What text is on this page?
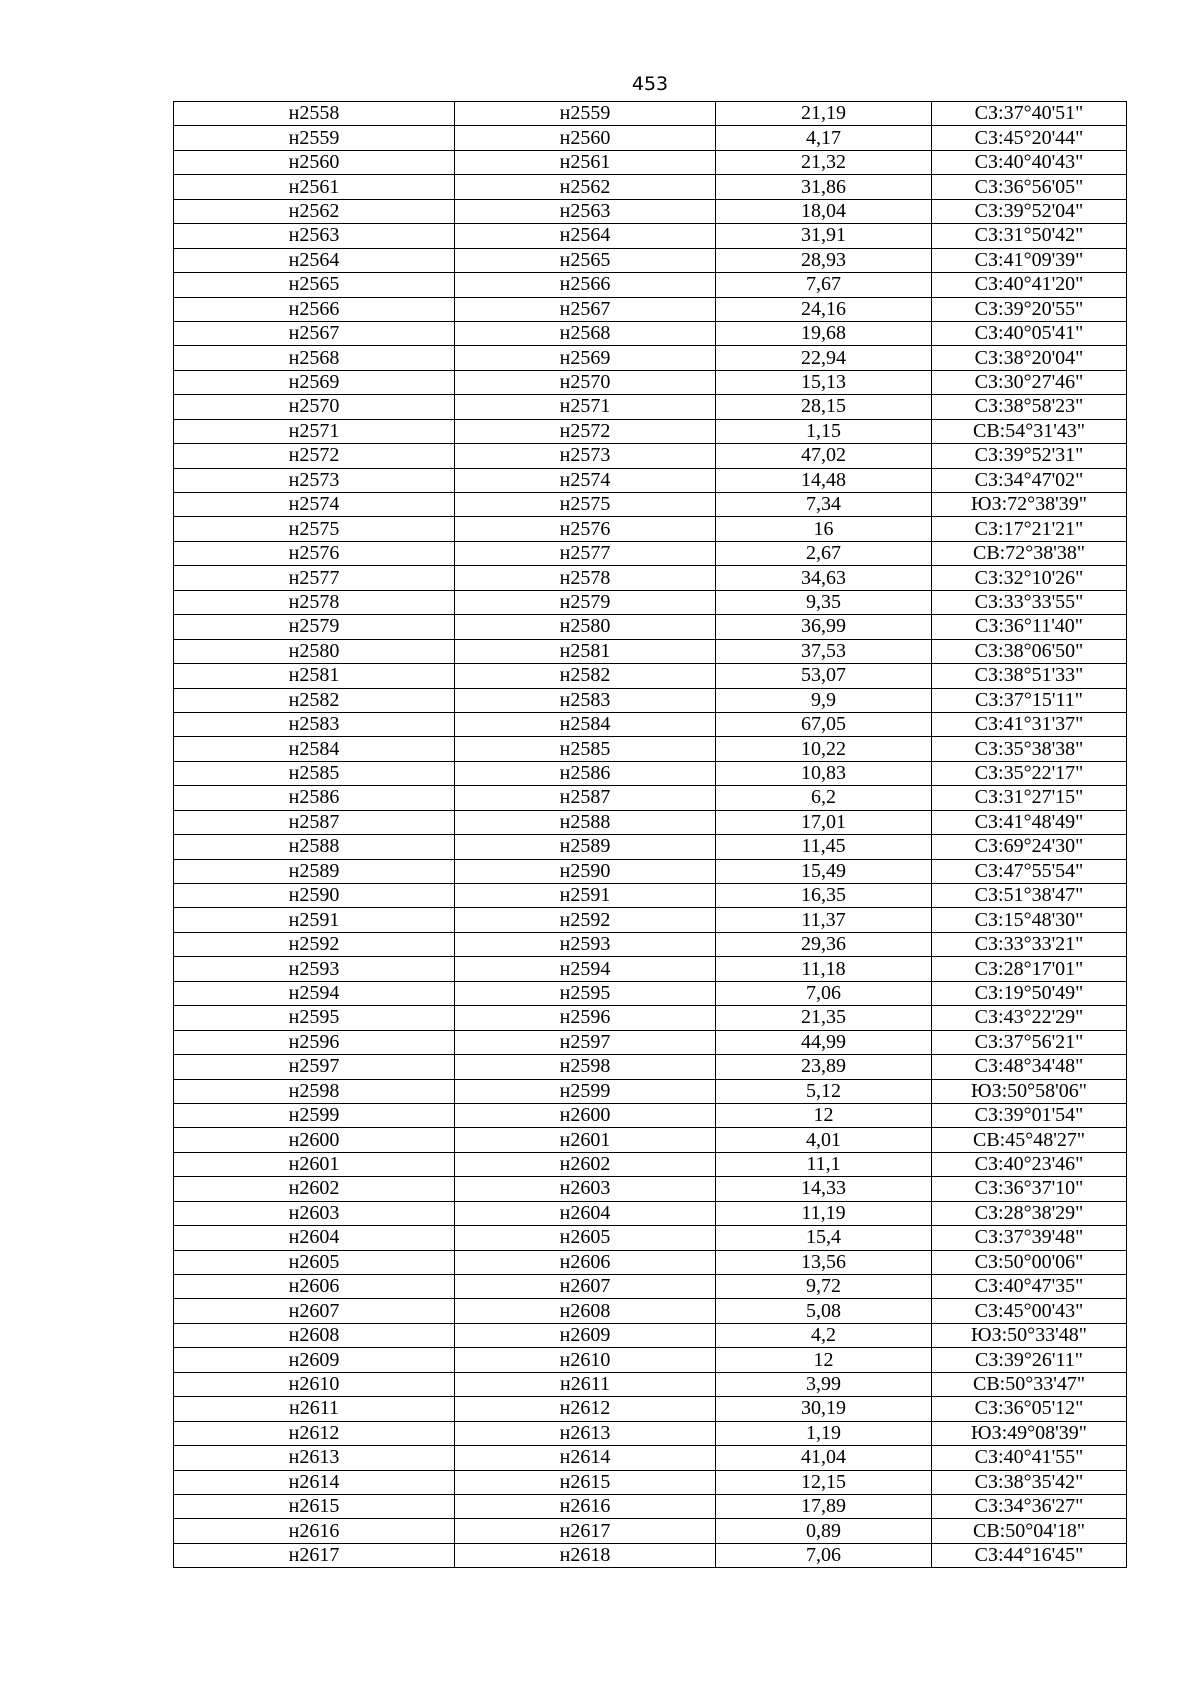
453
н2558	н2559	21,19	СЗ:37°40'51"
н2559	н2560	4,17	СЗ:45°20'44"
н2560	н2561	21,32	СЗ:40°40'43"
н2561	н2562	31,86	СЗ:36°56'05"
н2562	н2563	18,04	СЗ:39°52'04"
н2563	н2564	31,91	СЗ:31°50'42"
н2564	н2565	28,93	СЗ:41°09'39"
н2565	н2566	7,67	СЗ:40°41'20"
н2566	н2567	24,16	СЗ:39°20'55"
н2567	н2568	19,68	СЗ:40°05'41"
н2568	н2569	22,94	СЗ:38°20'04"
н2569	н2570	15,13	СЗ:30°27'46"
н2570	н2571	28,15	СЗ:38°58'23"
н2571	н2572	1,15	СВ:54°31'43"
н2572	н2573	47,02	СЗ:39°52'31"
н2573	н2574	14,48	СЗ:34°47'02"
н2574	н2575	7,34	ЮЗ:72°38'39"
н2575	н2576	16	СЗ:17°21'21"
н2576	н2577	2,67	СВ:72°38'38"
н2577	н2578	34,63	СЗ:32°10'26"
н2578	н2579	9,35	СЗ:33°33'55"
н2579	н2580	36,99	СЗ:36°11'40"
н2580	н2581	37,53	СЗ:38°06'50"
н2581	н2582	53,07	СЗ:38°51'33"
н2582	н2583	9,9	СЗ:37°15'11"
н2583	н2584	67,05	СЗ:41°31'37"
н2584	н2585	10,22	СЗ:35°38'38"
н2585	н2586	10,83	СЗ:35°22'17"
н2586	н2587	6,2	СЗ:31°27'15"
н2587	н2588	17,01	СЗ:41°48'49"
н2588	н2589	11,45	СЗ:69°24'30"
н2589	н2590	15,49	СЗ:47°55'54"
н2590	н2591	16,35	СЗ:51°38'47"
н2591	н2592	11,37	СЗ:15°48'30"
н2592	н2593	29,36	СЗ:33°33'21"
н2593	н2594	11,18	СЗ:28°17'01"
н2594	н2595	7,06	СЗ:19°50'49"
н2595	н2596	21,35	СЗ:43°22'29"
н2596	н2597	44,99	СЗ:37°56'21"
н2597	н2598	23,89	СЗ:48°34'48"
н2598	н2599	5,12	ЮЗ:50°58'06"
н2599	н2600	12	СЗ:39°01'54"
н2600	н2601	4,01	СВ:45°48'27"
н2601	н2602	11,1	СЗ:40°23'46"
н2602	н2603	14,33	СЗ:36°37'10"
н2603	н2604	11,19	СЗ:28°38'29"
н2604	н2605	15,4	СЗ:37°39'48"
н2605	н2606	13,56	СЗ:50°00'06"
н2606	н2607	9,72	СЗ:40°47'35"
н2607	н2608	5,08	СЗ:45°00'43"
н2608	н2609	4,2	ЮЗ:50°33'48"
н2609	н2610	12	СЗ:39°26'11"
н2610	н2611	3,99	СВ:50°33'47"
н2611	н2612	30,19	СЗ:36°05'12"
н2612	н2613	1,19	ЮЗ:49°08'39"
н2613	н2614	41,04	СЗ:40°41'55"
н2614	н2615	12,15	СЗ:38°35'42"
н2615	н2616	17,89	СЗ:34°36'27"
н2616	н2617	0,89	СВ:50°04'18"
н2617	н2618	7,06	СЗ:44°16'45"
